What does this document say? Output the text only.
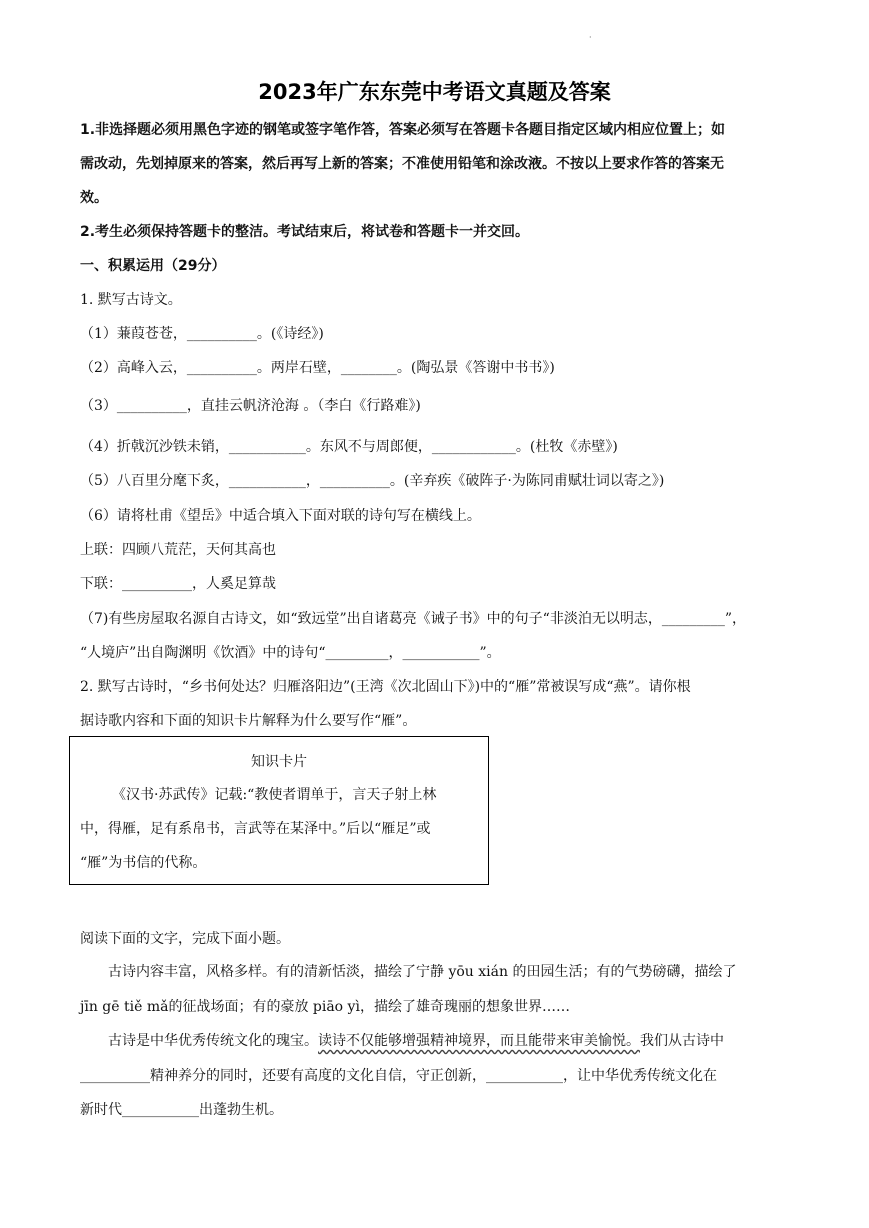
·
2023年广东东莞中考语文真题及答案
1.非选择题必须用黑色字迹的钢笔或签字笔作答，答案必须写在答题卡各题目指定区域内相应位置上；如
需改动，先划掉原来的答案，然后再写上新的答案；不准使用铅笔和涂改液。不按以上要求作答的答案无
效。
2.考生必须保持答题卡的整洁。考试结束后，将试卷和答题卡一并交回。
一、积累运用（29分）
1. 默写古诗文。
（1）蒹葭苍苍，__________。(《诗经》)
（2）高峰入云，__________。两岸石壁，________。(陶弘景《答谢中书书》)
（3）__________，直挂云帆济沧海 。（李白《行路难》)
（4）折戟沉沙铁未销，___________。东风不与周郎便，____________。(杜牧《赤壁》)
（5）八百里分麾下炙，___________，__________。(辛弃疾《破阵子·为陈同甫赋壮词以寄之》)
（6）请将杜甫《望岳》中适合填入下面对联的诗句写在横线上。
上联：四顾八荒茫，天何其高也
下联：__________，人奚足算哉
（7)有些房屋取名源自古诗文，如“致远堂”出自诸葛亮《诫子书》中的句子“非淡泊无以明志，_________”，
“人境庐”出自陶渊明《饮酒》中的诗句“_________，___________”。
2. 默写古诗时，“乡书何处达？归雁洛阳边”(王湾《次北固山下》)中的“雁”常被误写成“燕”。请你根
据诗歌内容和下面的知识卡片解释为什么要写作“雁”。
知识卡片
《汉书·苏武传》记载:“教使者谓单于，言天子射上林
中，得雁，足有系帛书，言武等在某泽中。”后以“雁足”或
“雁”为书信的代称。
阅读下面的文字，完成下面小题。
古诗内容丰富，风格多样。有的清新恬淡，描绘了宁静 yōu xián 的田园生活；有的气势磅礴，描绘了
jīn gē tiě mǎ的征战场面；有的豪放 piāo yì，描绘了雄奇瑰丽的想象世界……
古诗是中华优秀传统文化的瑰宝。读诗不仅能够增强精神境界，而且能带来审美愉悦。我们从古诗中
__________精神养分的同时，还要有高度的文化自信，守正创新，___________，让中华优秀传统文化在
新时代___________出蓬勃生机。
